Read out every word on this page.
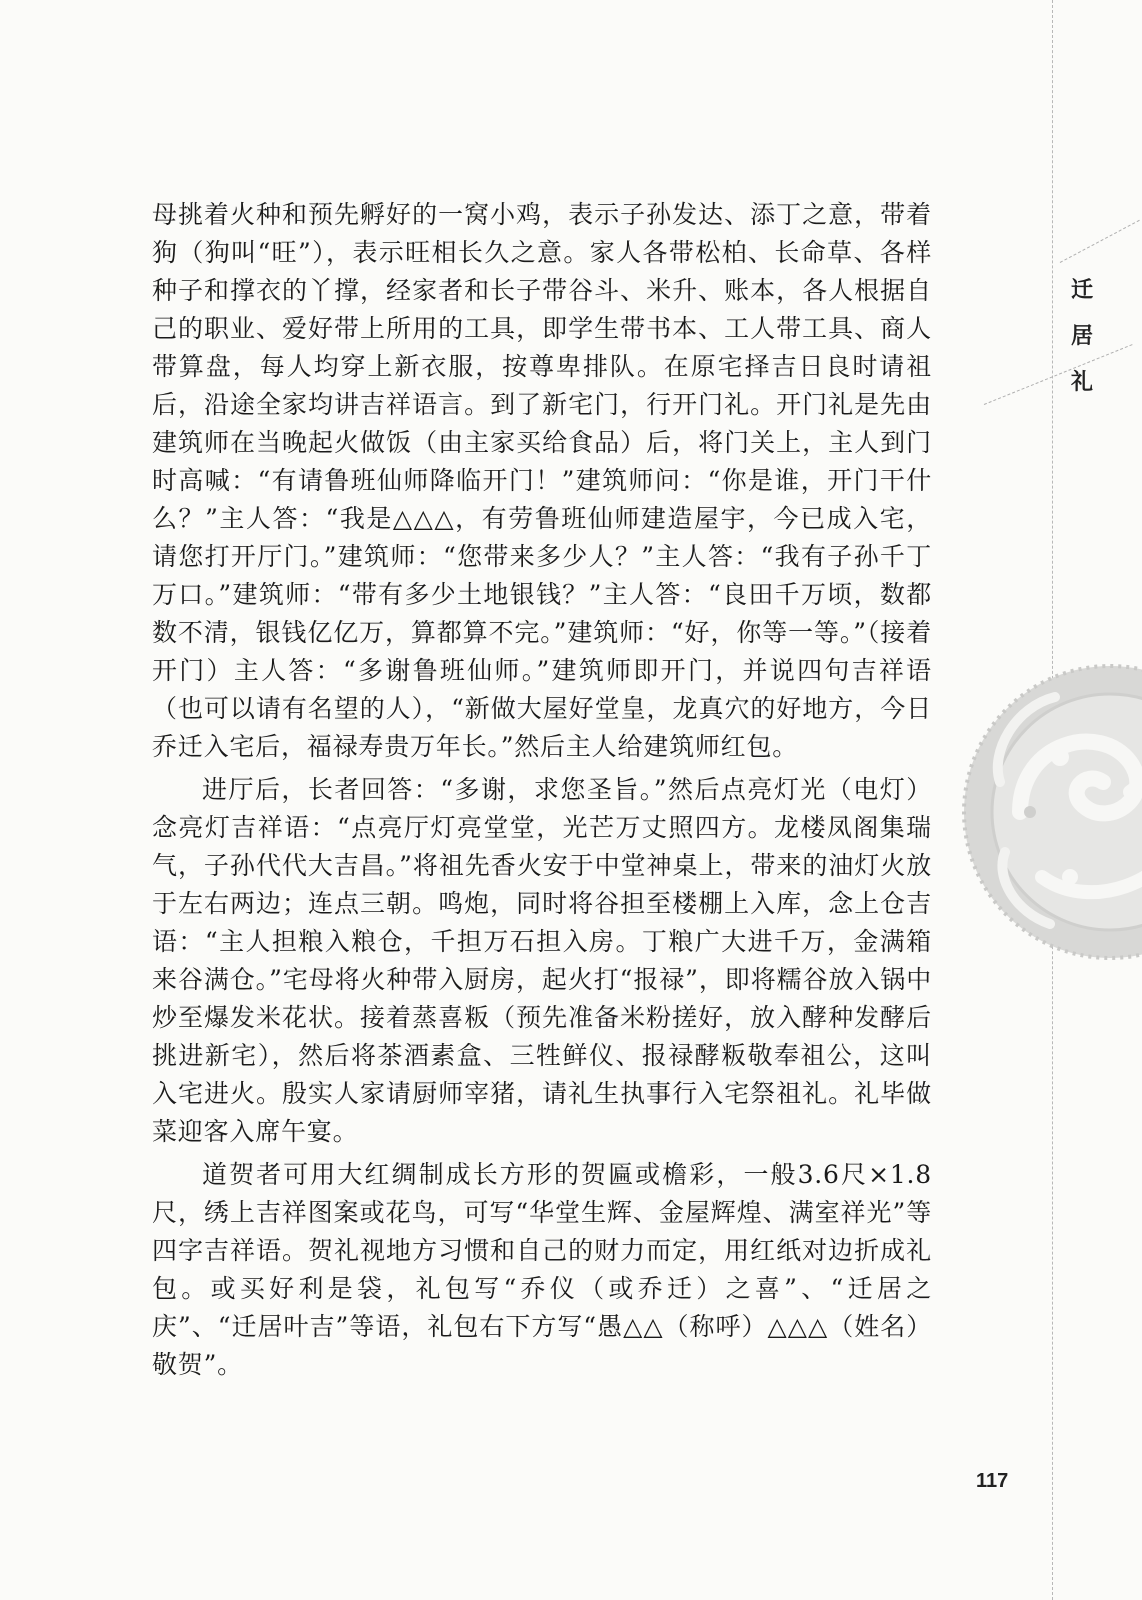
迁
居
礼

母挑着火种和预先孵好的一窝小鸡，表示子孙发达、添丁之意，带着狗（狗叫“旺”），表示旺相长久之意。家人各带松柏、长命草、各样种子和撑衣的丫撑，经家者和长子带谷斗、米升、账本，各人根据自己的职业、爱好带上所用的工具，即学生带书本、工人带工具、商人带算盘，每人均穿上新衣服，按尊卑排队。在原宅择吉日良时请祖后，沿途全家均讲吉祥语言。到了新宅门，行开门礼。开门礼是先由建筑师在当晚起火做饭（由主家买给食品）后，将门关上，主人到门时高喊：“有请鲁班仙师降临开门！”建筑师问：“你是谁，开门干什么？”主人答：“我是△△△，有劳鲁班仙师建造屋宇，今已成入宅，请您打开厅门。”建筑师：“您带来多少人？”主人答：“我有子孙千丁万口。”建筑师：“带有多少土地银钱？”主人答：“良田千万顷，数都数不清，银钱亿亿万，算都算不完。”建筑师：“好，你等一等。”（接着开门）主人答：“多谢鲁班仙师。”建筑师即开门，并说四句吉祥语（也可以请有名望的人），“新做大屋好堂皇，龙真穴的好地方，今日乔迁入宅后，福禄寿贵万年长。”然后主人给建筑师红包。

进厅后，长者回答：“多谢，求您圣旨。”然后点亮灯光（电灯）念亮灯吉祥语：“点亮厅灯亮堂堂，光芒万丈照四方。龙楼凤阁集瑞气，子孙代代大吉昌。”将祖先香火安于中堂神桌上，带来的油灯火放于左右两边；连点三朝。鸣炮，同时将谷担至楼棚上入库，念上仓吉语：“主人担粮入粮仓，千担万石担入房。丁粮广大进千万，金满箱来谷满仓。”宅母将火种带入厨房，起火打“报禄”，即将糯谷放入锅中炒至爆发米花状。接着蒸喜粄（预先准备米粉搓好，放入酵种发酵后挑进新宅），然后将茶酒素盒、三牲鲜仪、报禄酵粄敬奉祖公，这叫入宅进火。殷实人家请厨师宰猪，请礼生执事行入宅祭祖礼。礼毕做菜迎客入席午宴。

道贺者可用大红绸制成长方形的贺匾或檐彩，一般3.6尺×1.8尺，绣上吉祥图案或花鸟，可写“华堂生辉、金屋辉煌、满室祥光”等四字吉祥语。贺礼视地方习惯和自己的财力而定，用红纸对边折成礼包。或买好利是袋，礼包写“乔仪（或乔迁）之喜”、“迁居之庆”、“迁居叶吉”等语，礼包右下方写“愚△△（称呼）△△△（姓名）敬贺”。

117
